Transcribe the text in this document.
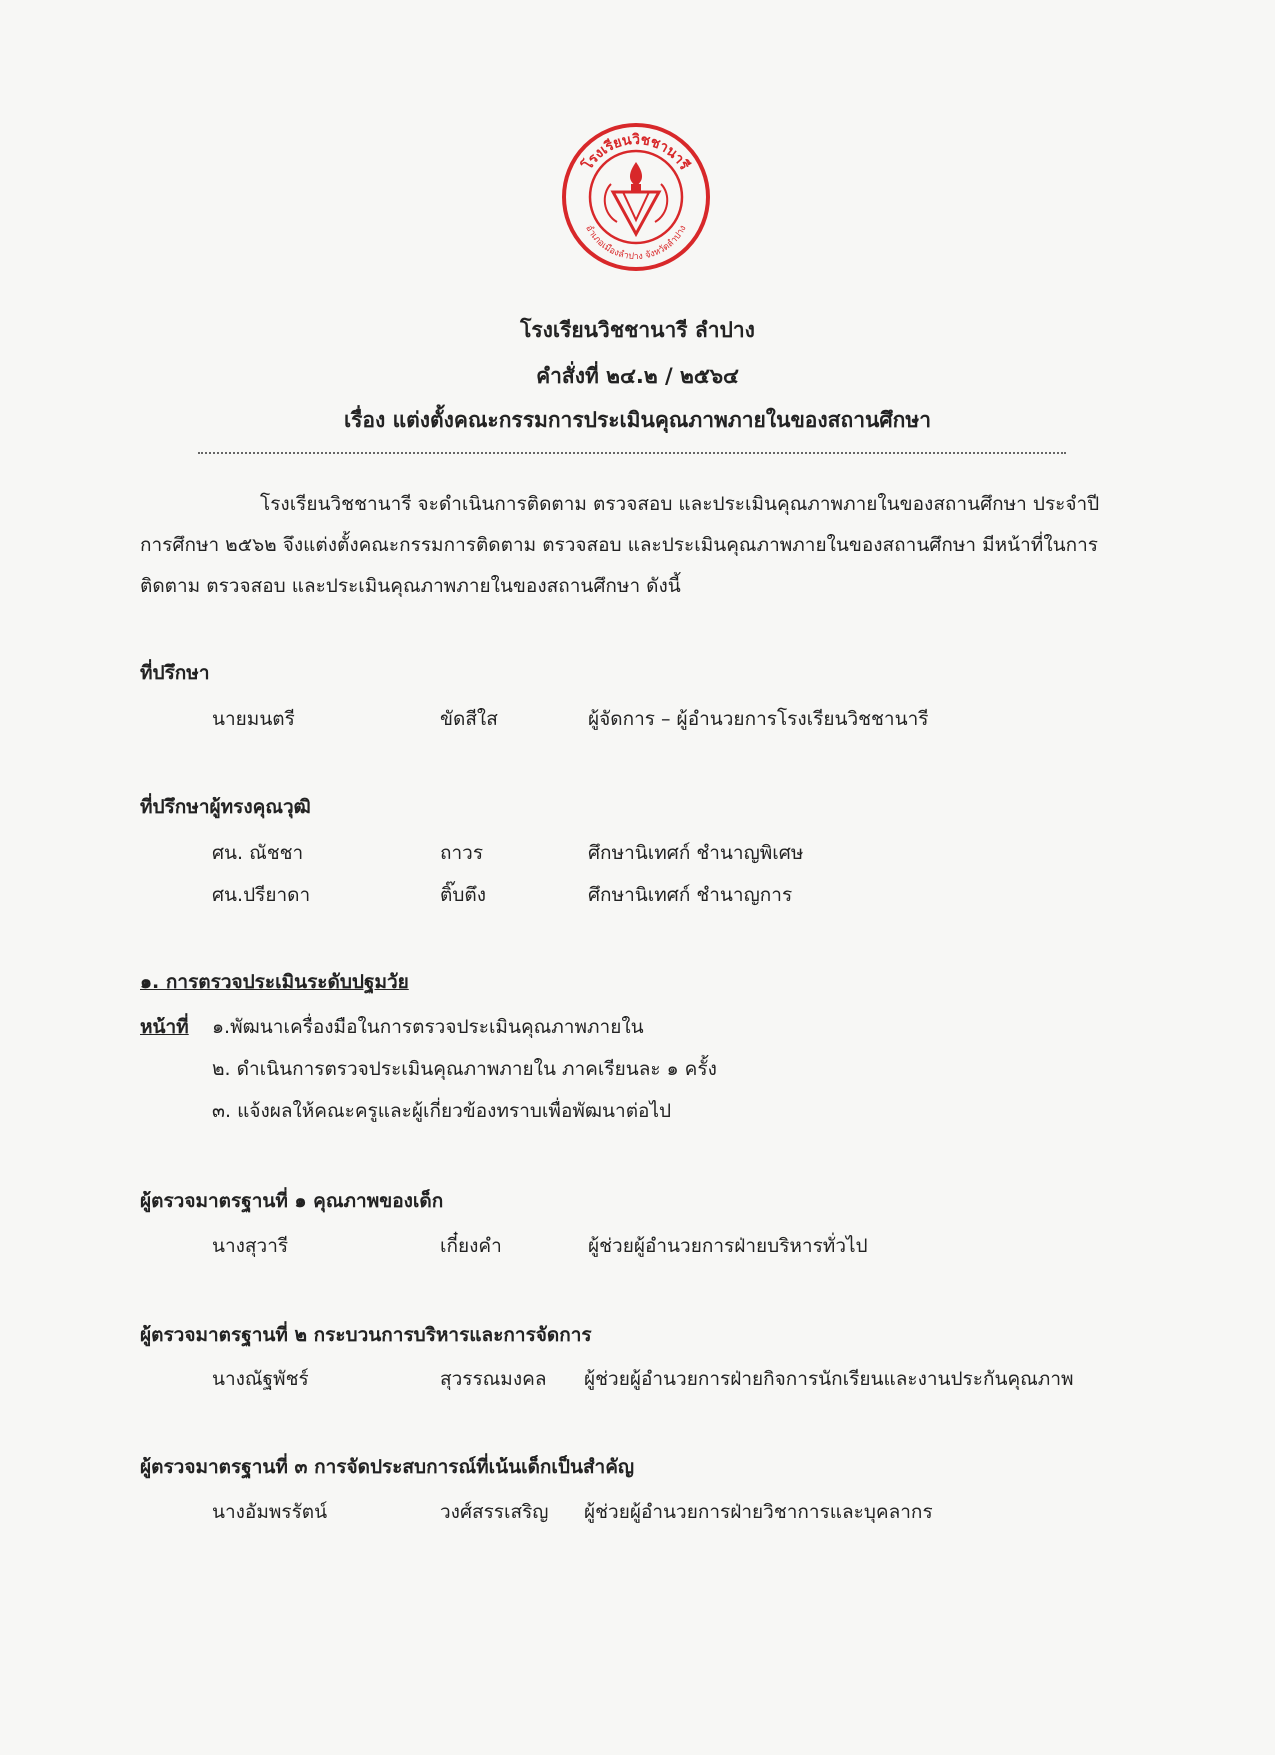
โรงเรียนวิชชานารี
อำเภอเมืองลำปาง จังหวัดลำปาง
โรงเรียนวิชชานารี ลำปาง
คำสั่งที่ ๒๔.๒ / ๒๕๖๔
เรื่อง แต่งตั้งคณะกรรมการประเมินคุณภาพภายในของสถานศึกษา
โรงเรียนวิชชานารี จะดำเนินการติดตาม ตรวจสอบ และประเมินคุณภาพภายในของสถานศึกษา ประจำปีการศึกษา ๒๕๖๒ จึงแต่งตั้งคณะกรรมการติดตาม ตรวจสอบ และประเมินคุณภาพภายในของสถานศึกษา มีหน้าที่ในการติดตาม ตรวจสอบ และประเมินคุณภาพภายในของสถานศึกษา ดังนี้
ที่ปรึกษา
นายมนตรี	ขัดสีใส	ผู้จัดการ – ผู้อำนวยการโรงเรียนวิชชานารี
ที่ปรึกษาผู้ทรงคุณวุฒิ
ศน. ณัชชา	ถาวร	ศึกษานิเทศก์ ชำนาญพิเศษ
ศน.ปรียาดา	ติ๊บตึง	ศึกษานิเทศก์ ชำนาญการ
๑. การตรวจประเมินระดับปฐมวัย
หน้าที่ ๑.พัฒนาเครื่องมือในการตรวจประเมินคุณภาพภายใน
๒. ดำเนินการตรวจประเมินคุณภาพภายใน ภาคเรียนละ ๑ ครั้ง
๓. แจ้งผลให้คณะครูและผู้เกี่ยวข้องทราบเพื่อพัฒนาต่อไป
ผู้ตรวจมาตรฐานที่ ๑ คุณภาพของเด็ก
นางสุวารี	เกี๋ยงคำ	ผู้ช่วยผู้อำนวยการฝ่ายบริหารทั่วไป
ผู้ตรวจมาตรฐานที่ ๒ กระบวนการบริหารและการจัดการ
นางณัฐพัชร์	สุวรรณมงคล ผู้ช่วยผู้อำนวยการฝ่ายกิจการนักเรียนและงานประกันคุณภาพ
ผู้ตรวจมาตรฐานที่ ๓ การจัดประสบการณ์ที่เน้นเด็กเป็นสำคัญ
นางอัมพรรัตน์	วงศ์สรรเสริญ ผู้ช่วยผู้อำนวยการฝ่ายวิชาการและบุคลากร
